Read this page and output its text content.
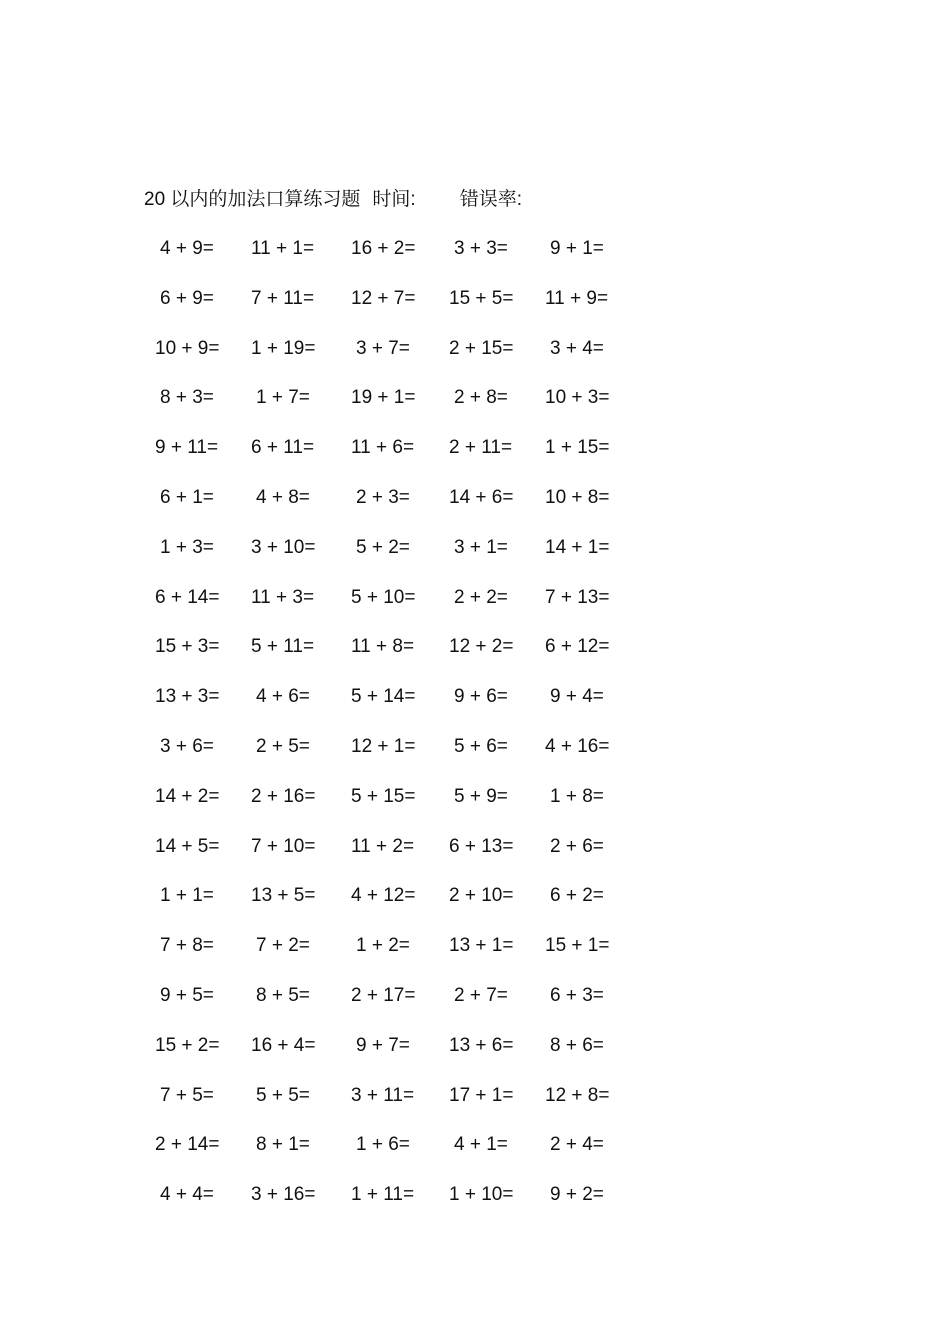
20 以内的加法口算练习题 时间: 错误率:
4 + 9=	11 + 1=	16 + 2=	3 + 3=	9 + 1=
6 + 9=	7 + 11=	12 + 7=	15 + 5=	11 + 9=
10 + 9=	1 + 19=	3 + 7=	2 + 15=	3 + 4=
8 + 3=	1 + 7=	19 + 1=	2 + 8=	10 + 3=
9 + 11=	6 + 11=	11 + 6=	2 + 11=	1 + 15=
6 + 1=	4 + 8=	2 + 3=	14 + 6=	10 + 8=
1 + 3=	3 + 10=	5 + 2=	3 + 1=	14 + 1=
6 + 14=	11 + 3=	5 + 10=	2 + 2=	7 + 13=
15 + 3=	5 + 11=	11 + 8=	12 + 2=	6 + 12=
13 + 3=	4 + 6=	5 + 14=	9 + 6=	9 + 4=
3 + 6=	2 + 5=	12 + 1=	5 + 6=	4 + 16=
14 + 2=	2 + 16=	5 + 15=	5 + 9=	1 + 8=
14 + 5=	7 + 10=	11 + 2=	6 + 13=	2 + 6=
1 + 1=	13 + 5=	4 + 12=	2 + 10=	6 + 2=
7 + 8=	7 + 2=	1 + 2=	13 + 1=	15 + 1=
9 + 5=	8 + 5=	2 + 17=	2 + 7=	6 + 3=
15 + 2=	16 + 4=	9 + 7=	13 + 6=	8 + 6=
7 + 5=	5 + 5=	3 + 11=	17 + 1=	12 + 8=
2 + 14=	8 + 1=	1 + 6=	4 + 1=	2 + 4=
4 + 4=	3 + 16=	1 + 11=	1 + 10=	9 + 2=
